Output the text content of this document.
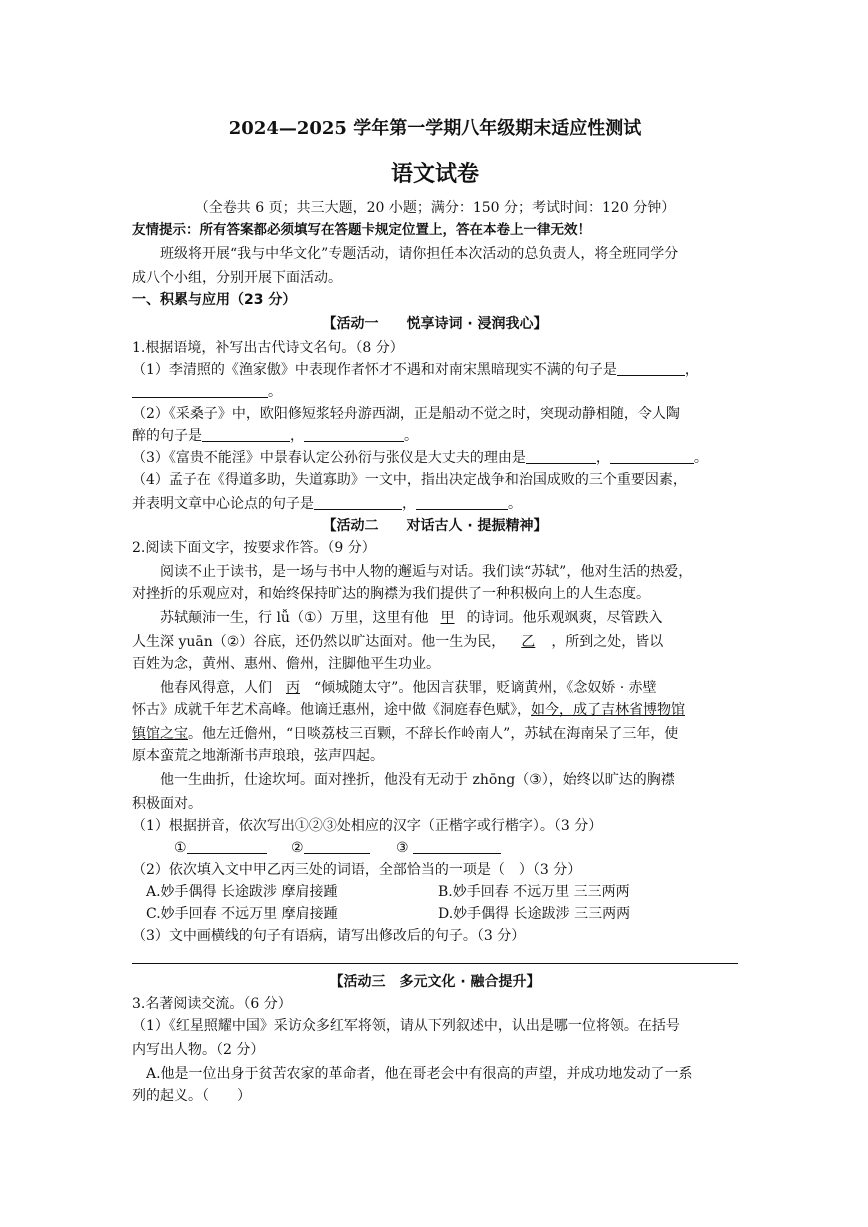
2024—2025 学年第一学期八年级期末适应性测试
语文试卷
（全卷共 6 页；共三大题，20 小题；满分：150 分；考试时间：120 分钟）
友情提示：所有答案都必须填写在答题卡规定位置上，答在本卷上一律无效！
班级将开展“我与中华文化”专题活动，请你担任本次活动的总负责人，将全班同学分
成八个小组，分别开展下面活动。
一、积累与应用（23 分）
【活动一　　悦享诗词 · 浸润我心】
1.根据语境，补写出古代诗文名句。（8 分）
（1）李清照的《渔家傲》中表现作者怀才不遇和对南宋黑暗现实不满的句子是	，
。
（2）《采桑子》中，欧阳修短浆轻舟游西湖，正是船动不觉之时，突现动静相随，令人陶
醉的句子是	，	。
（3）《富贵不能淫》中景春认定公孙衍与张仪是大丈夫的理由是	，	。
（4）孟子在《得道多助，失道寡助》一文中，指出决定战争和治国成败的三个重要因素，
并表明文章中心论点的句子是	，	。
【活动二　　对话古人 · 提振精神】
2.阅读下面文字，按要求作答。（9 分）
阅读不止于读书，是一场与书中人物的邂逅与对话。我们读“苏轼”，他对生活的热爱，
对挫折的乐观应对，和始终保持旷达的胸襟为我们提供了一种积极向上的人生态度。
苏轼颠沛一生，行 lǚ（①）万里，这里有他 甲 的诗词。他乐观飒爽，尽管跌入
人生深 yuān（②）谷底，还仍然以旷达面对。他一生为民， 乙 ，所到之处，皆以
百姓为念，黄州、惠州、儋州，注脚他平生功业。
他春风得意，人们 丙 “倾城随太守”。他因言获罪，贬谪黄州，《念奴娇 · 赤壁
怀古》成就千年艺术高峰。他谪迁惠州，途中做《洞庭春色赋》，如今，成了吉林省博物馆
镇馆之宝。他左迁儋州，“日啖荔枝三百颗，不辞长作岭南人”，苏轼在海南呆了三年，使
原本蛮荒之地渐渐书声琅琅，弦声四起。
他一生曲折，仕途坎坷。面对挫折，他没有无动于 zhōng（③），始终以旷达的胸襟
积极面对。
（1）根据拼音，依次写出①②③处相应的汉字（正楷字或行楷字）。（3 分）
①	②	③
（2）依次填入文中甲乙丙三处的词语，全部恰当的一项是（　）（3 分）
A.妙手偶得 长途跋涉 摩肩接踵	B.妙手回春 不远万里 三三两两
C.妙手回春 不远万里 摩肩接踵	D.妙手偶得 长途跋涉 三三两两
（3）文中画横线的句子有语病，请写出修改后的句子。（3 分）
【活动三　多元文化 · 融合提升】
3.名著阅读交流。（6 分）
（1）《红星照耀中国》采访众多红军将领，请从下列叙述中，认出是哪一位将领。在括号
内写出人物。（2 分）
A.他是一位出身于贫苦农家的革命者，他在哥老会中有很高的声望，并成功地发动了一系
列的起义。（　　）
